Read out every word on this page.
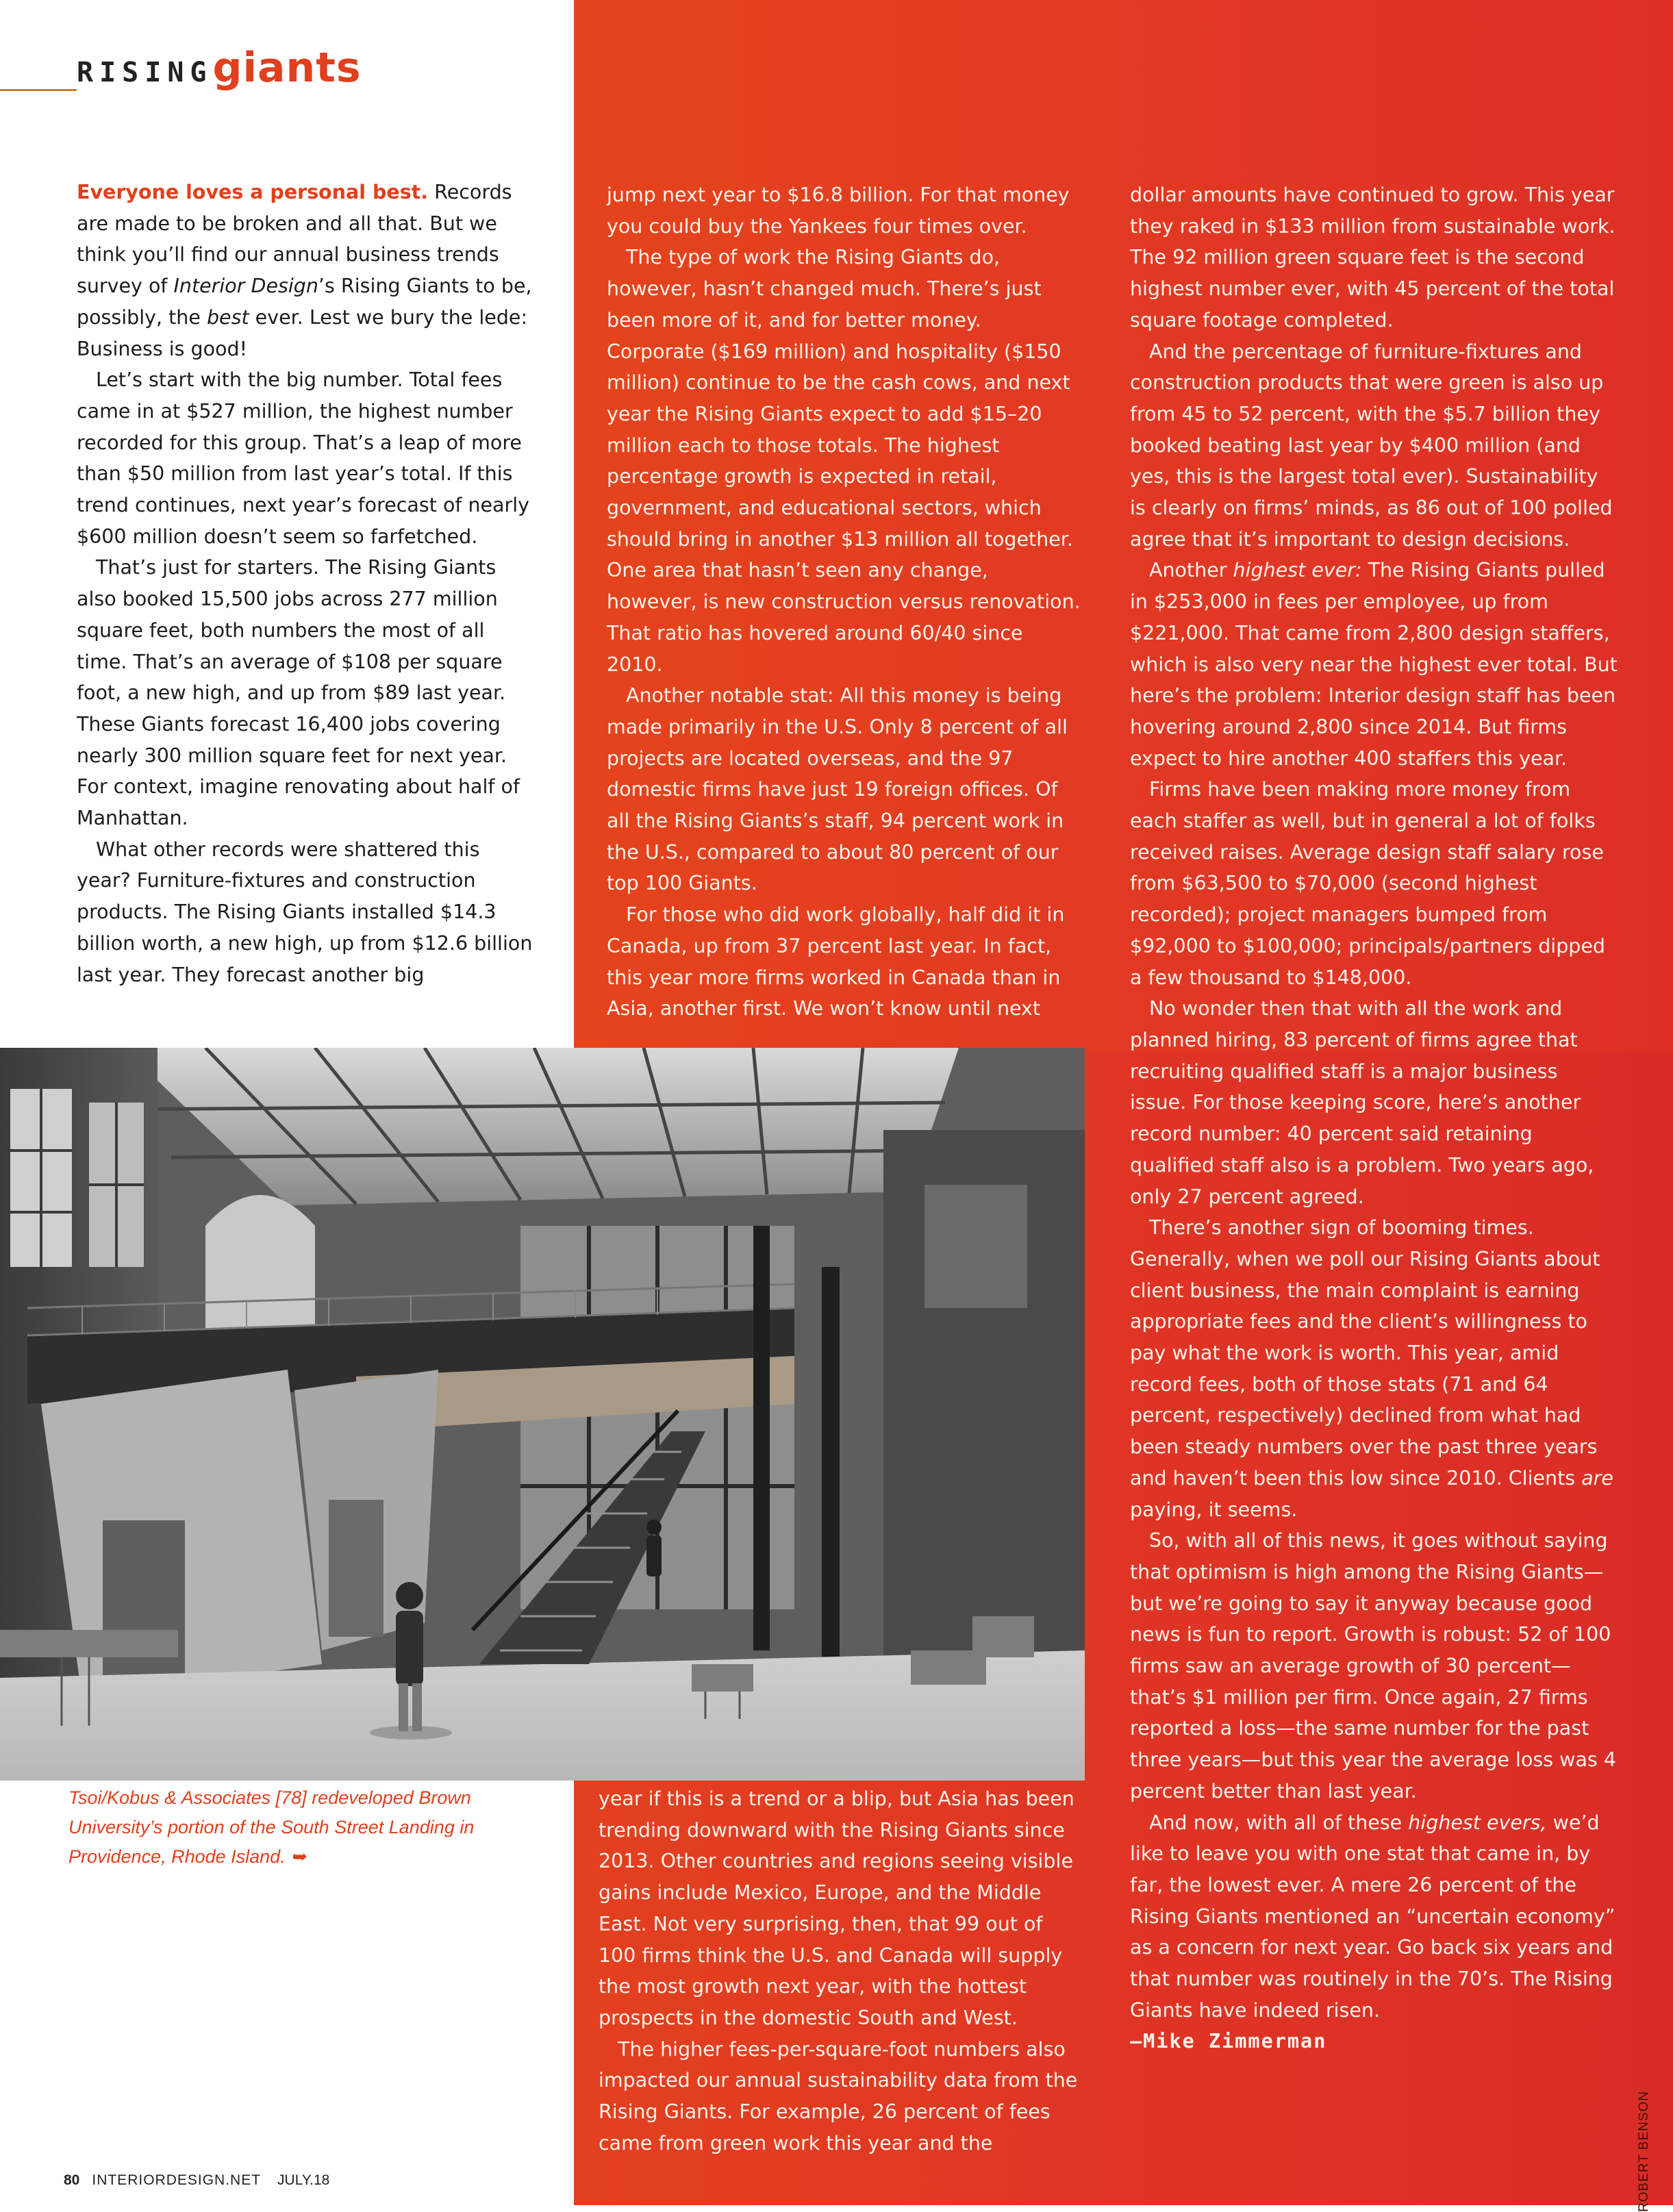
RISINGgiants

Everyone loves a personal best. Records are made to be broken and all that. But we think you’ll find our annual business trends survey of Interior Design’s Rising Giants to be, possibly, the best ever. Lest we bury the lede: Business is good!

Let’s start with the big number. Total fees came in at $527 million, the highest number recorded for this group. That’s a leap of more than $50 million from last year’s total. If this trend continues, next year’s forecast of nearly $600 million doesn’t seem so farfetched.

That’s just for starters. The Rising Giants also booked 15,500 jobs across 277 million square feet, both numbers the most of all time. That’s an average of $108 per square foot, a new high, and up from $89 last year. These Giants forecast 16,400 jobs covering nearly 300 million square feet for next year. For context, imagine renovating about half of Manhattan.

What other records were shattered this year? Furniture-fixtures and construction products. The Rising Giants installed $14.3 billion worth, a new high, up from $12.6 billion last year. They forecast another big

jump next year to $16.8 billion. For that money you could buy the Yankees four times over.

The type of work the Rising Giants do, however, hasn’t changed much. There’s just been more of it, and for better money. Corporate ($169 million) and hospitality ($150 million) continue to be the cash cows, and next year the Rising Giants expect to add $15–20 million each to those totals. The highest percentage growth is expected in retail, government, and educational sectors, which should bring in another $13 million all together. One area that hasn’t seen any change, however, is new construction versus renovation. That ratio has hovered around 60/40 since 2010.

Another notable stat: All this money is being made primarily in the U.S. Only 8 percent of all projects are located overseas, and the 97 domestic firms have just 19 foreign offices. Of all the Rising Giants’s staff, 94 percent work in the U.S., compared to about 80 percent of our top 100 Giants.

For those who did work globally, half did it in Canada, up from 37 percent last year. In fact, this year more firms worked in Canada than in Asia, another first. We won’t know until next

year if this is a trend or a blip, but Asia has been trending downward with the Rising Giants since 2013. Other countries and regions seeing visible gains include Mexico, Europe, and the Middle East. Not very surprising, then, that 99 out of 100 firms think the U.S. and Canada will supply the most growth next year, with the hottest prospects in the domestic South and West.

The higher fees-per-square-foot numbers also impacted our annual sustainability data from the Rising Giants. For example, 26 percent of fees came from green work this year and the

dollar amounts have continued to grow. This year they raked in $133 million from sustainable work. The 92 million green square feet is the second highest number ever, with 45 percent of the total square footage completed.

And the percentage of furniture-fixtures and construction products that were green is also up from 45 to 52 percent, with the $5.7 billion they booked beating last year by $400 million (and yes, this is the largest total ever). Sustainability is clearly on firms’ minds, as 86 out of 100 polled agree that it’s important to design decisions.

Another highest ever: The Rising Giants pulled in $253,000 in fees per employee, up from $221,000. That came from 2,800 design staffers, which is also very near the highest ever total. But here’s the problem: Interior design staff has been hovering around 2,800 since 2014. But firms expect to hire another 400 staffers this year.

Firms have been making more money from each staffer as well, but in general a lot of folks received raises. Average design staff salary rose from $63,500 to $70,000 (second highest recorded); project managers bumped from $92,000 to $100,000; principals/partners dipped a few thousand to $148,000.

No wonder then that with all the work and planned hiring, 83 percent of firms agree that recruiting qualified staff is a major business issue. For those keeping score, here’s another record number: 40 percent said retaining qualified staff also is a problem. Two years ago, only 27 percent agreed.

There’s another sign of booming times. Generally, when we poll our Rising Giants about client business, the main complaint is earning appropriate fees and the client’s willingness to pay what the work is worth. This year, amid record fees, both of those stats (71 and 64 percent, respectively) declined from what had been steady numbers over the past three years and haven’t been this low since 2010. Clients are paying, it seems.

So, with all of this news, it goes without saying that optimism is high among the Rising Giants—but we’re going to say it anyway because good news is fun to report. Growth is robust: 52 of 100 firms saw an average growth of 30 percent—that’s $1 million per firm. Once again, 27 firms reported a loss—the same number for the past three years—but this year the average loss was 4 percent better than last year.

And now, with all of these highest evers, we’d like to leave you with one stat that came in, by far, the lowest ever. A mere 26 percent of the Rising Giants mentioned an “uncertain economy” as a concern for next year. Go back six years and that number was routinely in the 70’s. The Rising Giants have indeed risen.

—Mike Zimmerman

Tsoi/Kobus & Associates [78] redeveloped Brown University’s portion of the South Street Landing in Providence, Rhode Island. ➥

80 INTERIORDESIGN.NET JULY.18	ROBERT BENSON
